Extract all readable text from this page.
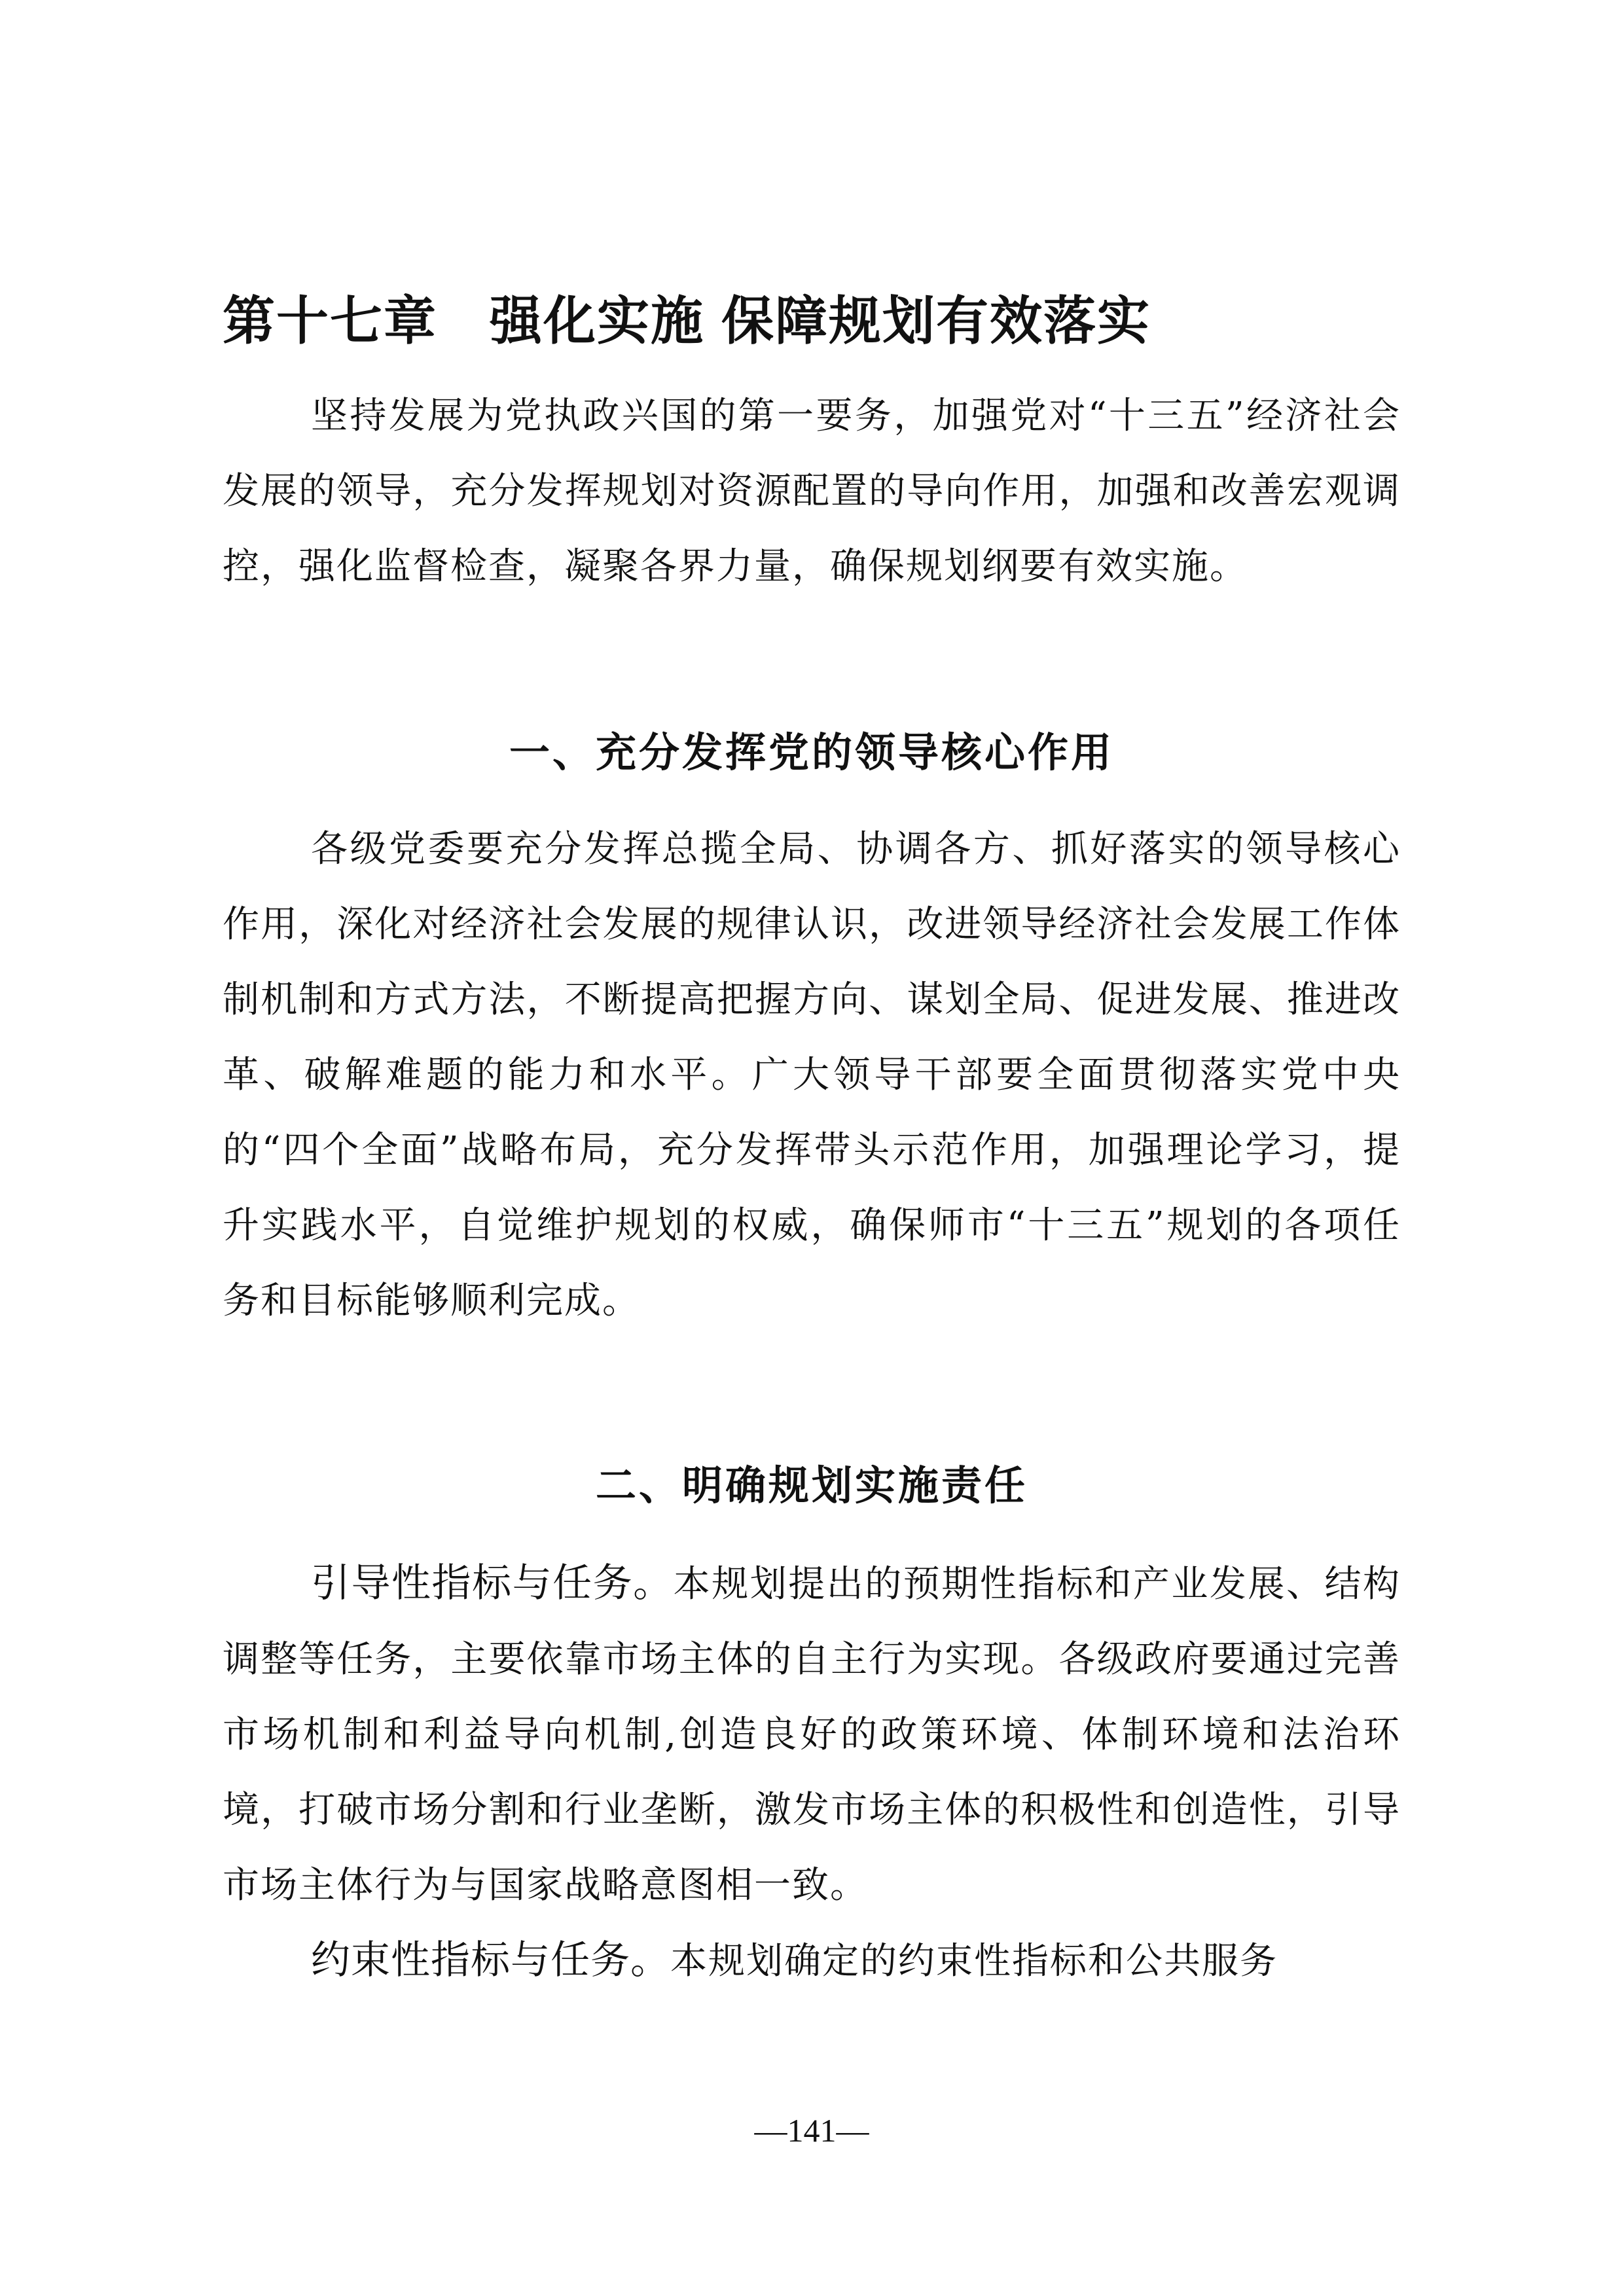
第十七章 强化实施 保障规划有效落实

坚持发展为党执政兴国的第一要务，加强党对“十三五”经济社会发展的领导，充分发挥规划对资源配置的导向作用，加强和改善宏观调控，强化监督检查，凝聚各界力量，确保规划纲要有效实施。

一、充分发挥党的领导核心作用

各级党委要充分发挥总揽全局、协调各方、抓好落实的领导核心作用，深化对经济社会发展的规律认识，改进领导经济社会发展工作体制机制和方式方法，不断提高把握方向、谋划全局、促进发展、推进改革、破解难题的能力和水平。广大领导干部要全面贯彻落实党中央的“四个全面”战略布局，充分发挥带头示范作用，加强理论学习，提升实践水平，自觉维护规划的权威，确保师市“十三五”规划的各项任务和目标能够顺利完成。

二、明确规划实施责任

引导性指标与任务。本规划提出的预期性指标和产业发展、结构调整等任务，主要依靠市场主体的自主行为实现。各级政府要通过完善市场机制和利益导向机制,创造良好的政策环境、体制环境和法治环境，打破市场分割和行业垄断，激发市场主体的积极性和创造性，引导市场主体行为与国家战略意图相一致。

约束性指标与任务。本规划确定的约束性指标和公共服务

—141—
